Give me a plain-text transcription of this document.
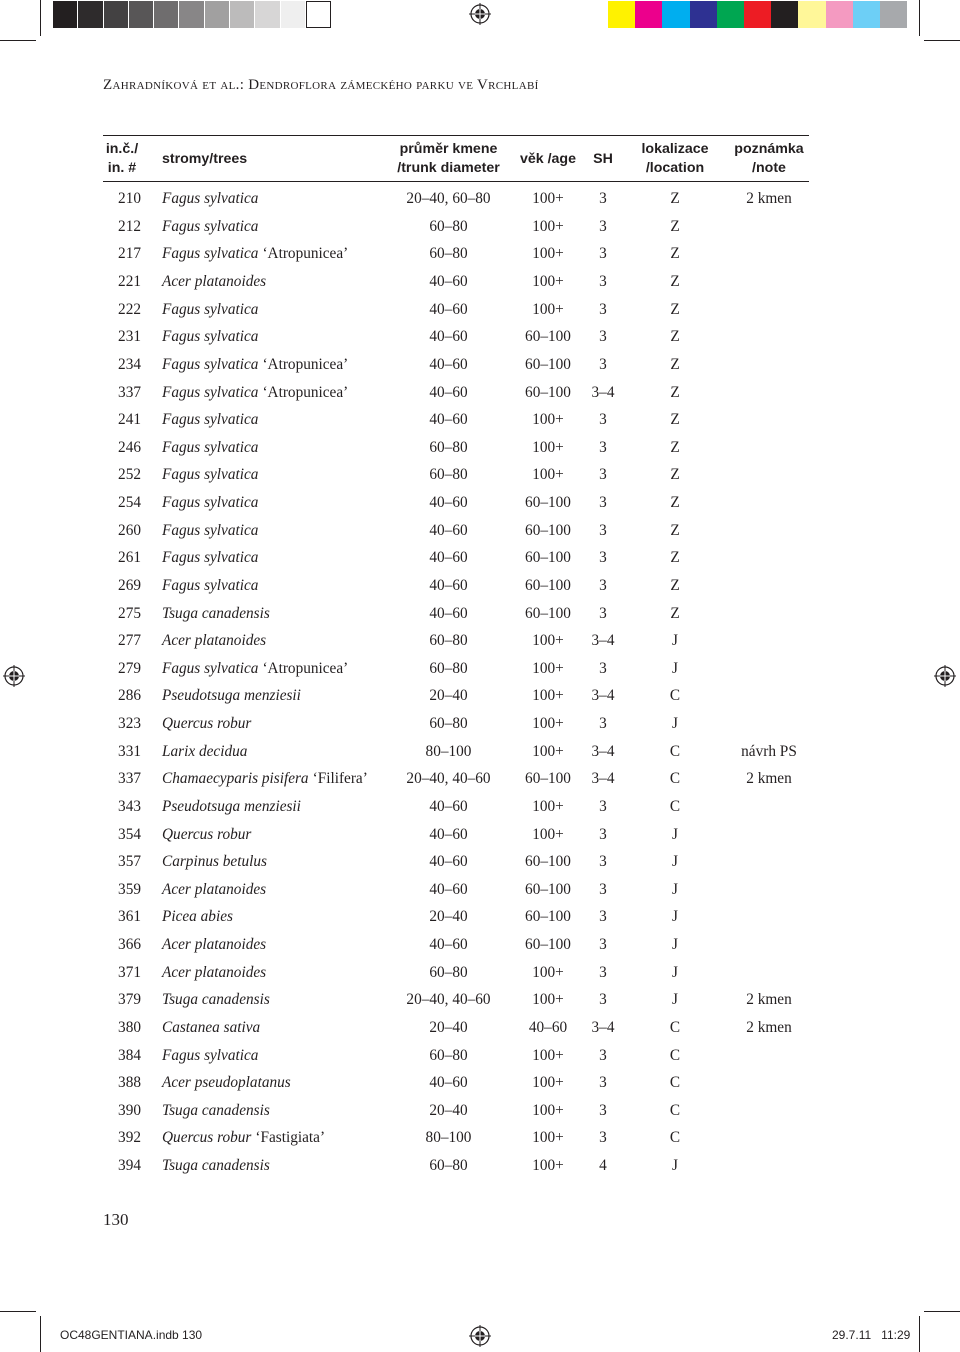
Zahradníková et al.: Dendroflora zámeckého parku ve Vrchlabí
in.č./ in. #	stromy/trees	průměr kmene /trunk diameter	věk /age	SH	lokalizace /location	poznámka /note
210	Fagus sylvatica	20–40, 60–80	100+	3	Z	2 kmen
212	Fagus sylvatica	60–80	100+	3	Z	
217	Fagus sylvatica ‘Atropunicea’	60–80	100+	3	Z	
221	Acer platanoides	40–60	100+	3	Z	
222	Fagus sylvatica	40–60	100+	3	Z	
231	Fagus sylvatica	40–60	60–100	3	Z	
234	Fagus sylvatica ‘Atropunicea’	40–60	60–100	3	Z	
337	Fagus sylvatica ‘Atropunicea’	40–60	60–100	3–4	Z	
241	Fagus sylvatica	40–60	100+	3	Z	
246	Fagus sylvatica	60–80	100+	3	Z	
252	Fagus sylvatica	60–80	100+	3	Z	
254	Fagus sylvatica	40–60	60–100	3	Z	
260	Fagus sylvatica	40–60	60–100	3	Z	
261	Fagus sylvatica	40–60	60–100	3	Z	
269	Fagus sylvatica	40–60	60–100	3	Z	
275	Tsuga canadensis	40–60	60–100	3	Z	
277	Acer platanoides	60–80	100+	3–4	J	
279	Fagus sylvatica ‘Atropunicea’	60–80	100+	3	J	
286	Pseudotsuga menziesii	20–40	100+	3–4	C	
323	Quercus robur	60–80	100+	3	J	
331	Larix decidua	80–100	100+	3–4	C	návrh PS
337	Chamaecyparis pisifera ‘Filifera’	20–40, 40–60	60–100	3–4	C	2 kmen
343	Pseudotsuga menziesii	40–60	100+	3	C	
354	Quercus robur	40–60	100+	3	J	
357	Carpinus betulus	40–60	60–100	3	J	
359	Acer platanoides	40–60	60–100	3	J	
361	Picea abies	20–40	60–100	3	J	
366	Acer platanoides	40–60	60–100	3	J	
371	Acer platanoides	60–80	100+	3	J	
379	Tsuga canadensis	20–40, 40–60	100+	3	J	2 kmen
380	Castanea sativa	20–40	40–60	3–4	C	2 kmen
384	Fagus sylvatica	60–80	100+	3	C	
388	Acer pseudoplatanus	40–60	100+	3	C	
390	Tsuga canadensis	20–40	100+	3	C	
392	Quercus robur ‘Fastigiata’	80–100	100+	3	C	
394	Tsuga canadensis	60–80	100+	4	J	
130
OC48GENTIANA.indb 130	29.7.11 11:29
